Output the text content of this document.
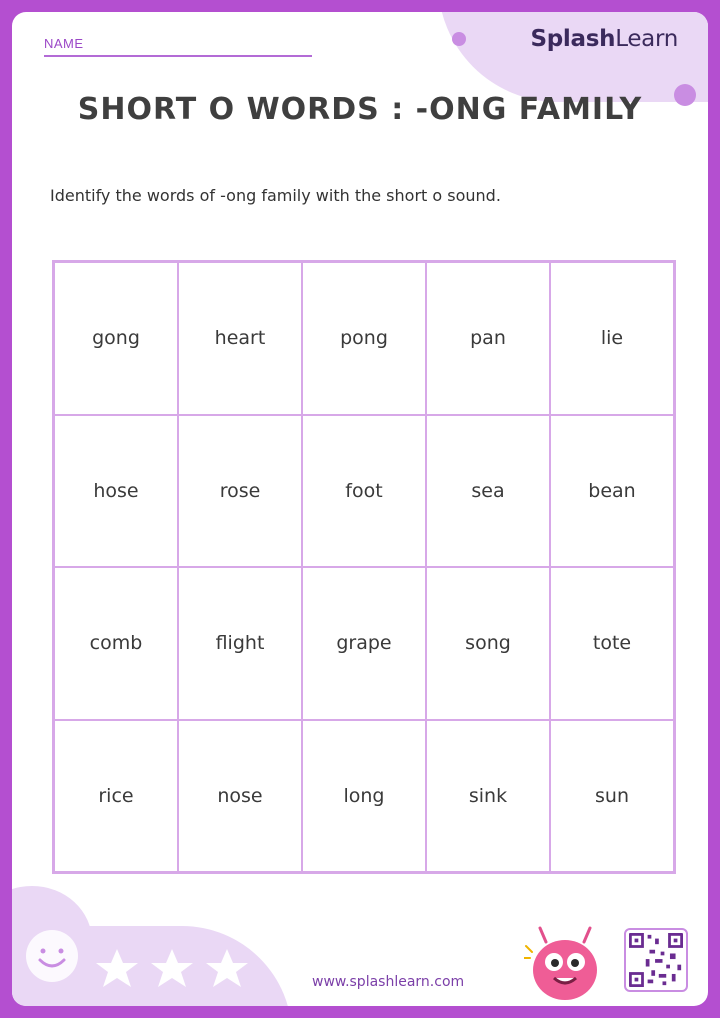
SplashLearn
NAME
SHORT O WORDS : -ONG FAMILY
Identify the words of -ong family with the short o sound.
gong	heart	pong	pan	lie
hose	rose	foot	sea	bean
comb	flight	grape	song	tote
rice	nose	long	sink	sun
www.splashlearn.com
